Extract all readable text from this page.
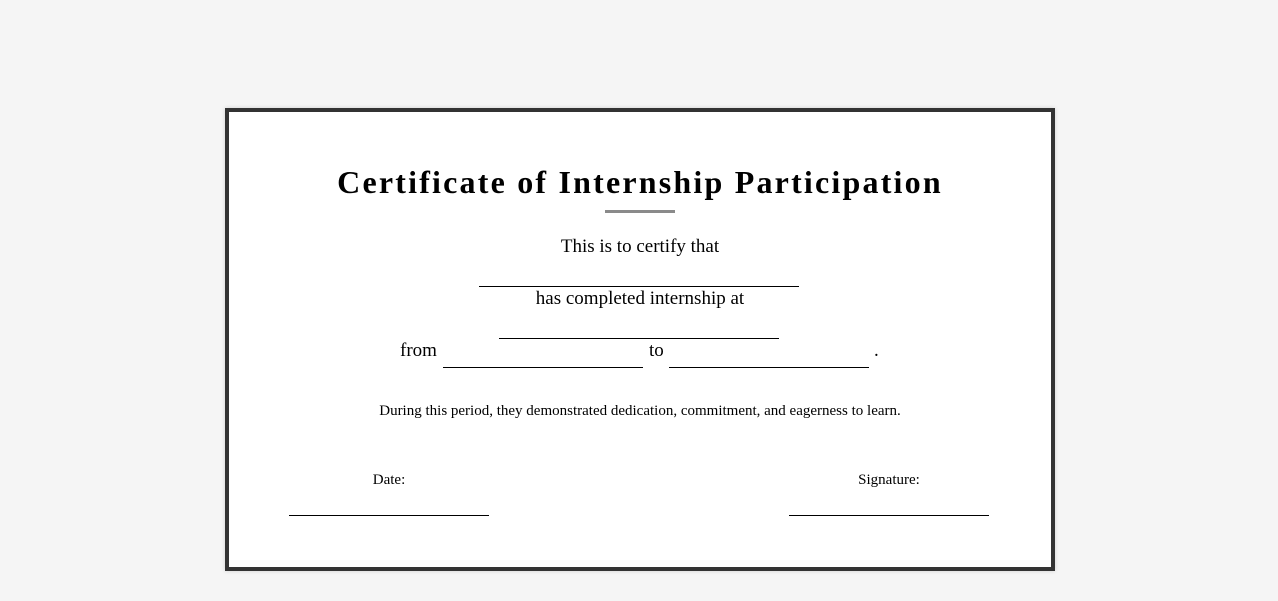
Certificate of Internship Participation
This is to certify that
has completed internship at
from	to	.
During this period, they demonstrated dedication, commitment, and eagerness to learn.
Date:	Signature:
